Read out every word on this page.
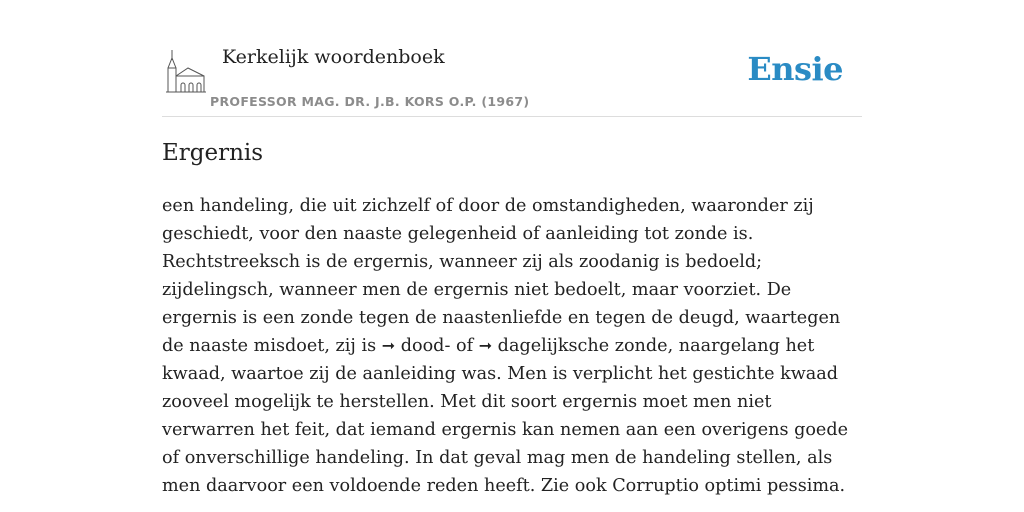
Kerkelijk woordenboek
PROFESSOR MAG. DR. J.B. KORS O.P. (1967)
Ensie
Ergernis

een handeling, die uit zichzelf of door de omstandigheden, waaronder zij geschiedt, voor den naaste gelegenheid of aanleiding tot zonde is. Rechtstreeksch is de ergernis, wanneer zij als zoodanig is bedoeld; zijdelingsch, wanneer men de ergernis niet bedoelt, maar voorziet. De ergernis is een zonde tegen de naastenliefde en tegen de deugd, waartegen de naaste misdoet, zij is ➞ dood- of ➞ dagelijksche zonde, naargelang het kwaad, waartoe zij de aanleiding was. Men is verplicht het gestichte kwaad zooveel mogelijk te herstellen. Met dit soort ergernis moet men niet verwarren het feit, dat iemand ergernis kan nemen aan een overigens goede of onverschillige handeling. In dat geval mag men de handeling stellen, als men daarvoor een voldoende reden heeft. Zie ook Corruptio optimi pessima.
